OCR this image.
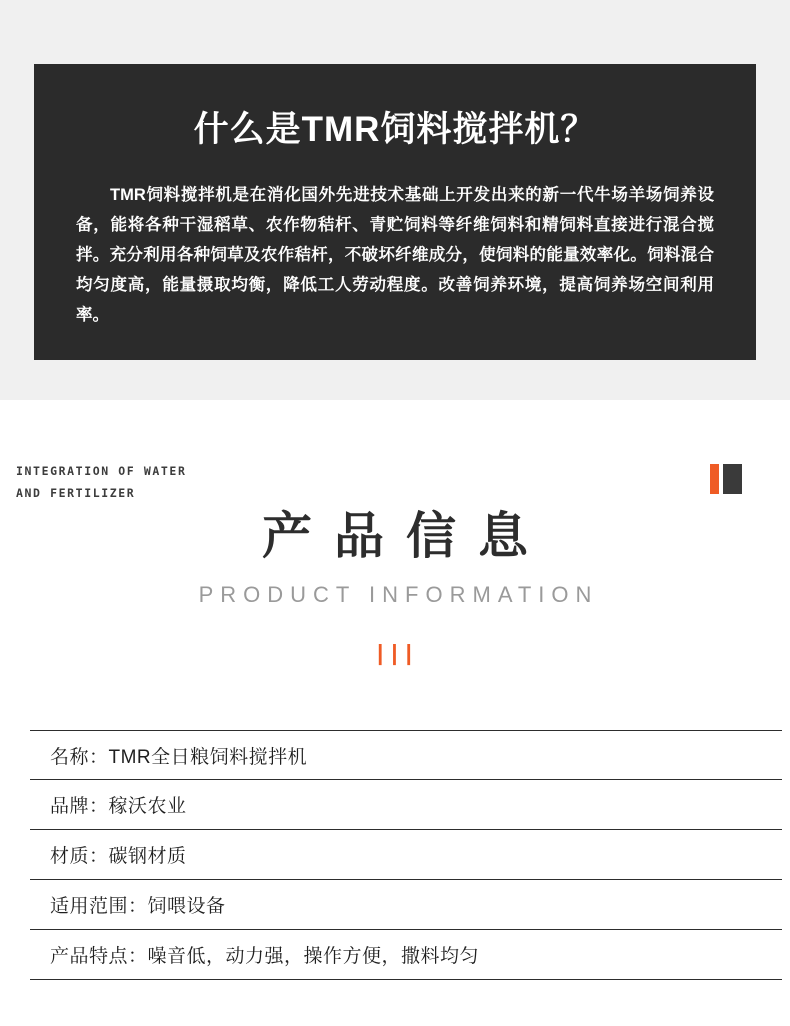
什么是TMR饲料搅拌机？
TMR饲料搅拌机是在消化国外先进技术基础上开发出来的新一代牛场羊场饲养设备，能将各种干湿稻草、农作物秸杆、青贮饲料等纤维饲料和精饲料直接进行混合搅拌。充分利用各种饲草及农作秸杆，不破坏纤维成分，使饲料的能量效率化。饲料混合均匀度高，能量摄取均衡，降低工人劳动程度。改善饲养环境，提高饲养场空间利用率。
INTEGRATION OF WATER
AND FERTILIZER
产品信息
PRODUCT INFORMATION
| | |
名称：TMR全日粮饲料搅拌机
品牌：稼沃农业
材质：碳钢材质
适用范围：饲喂设备
产品特点：噪音低，动力强，操作方便，撒料均匀
